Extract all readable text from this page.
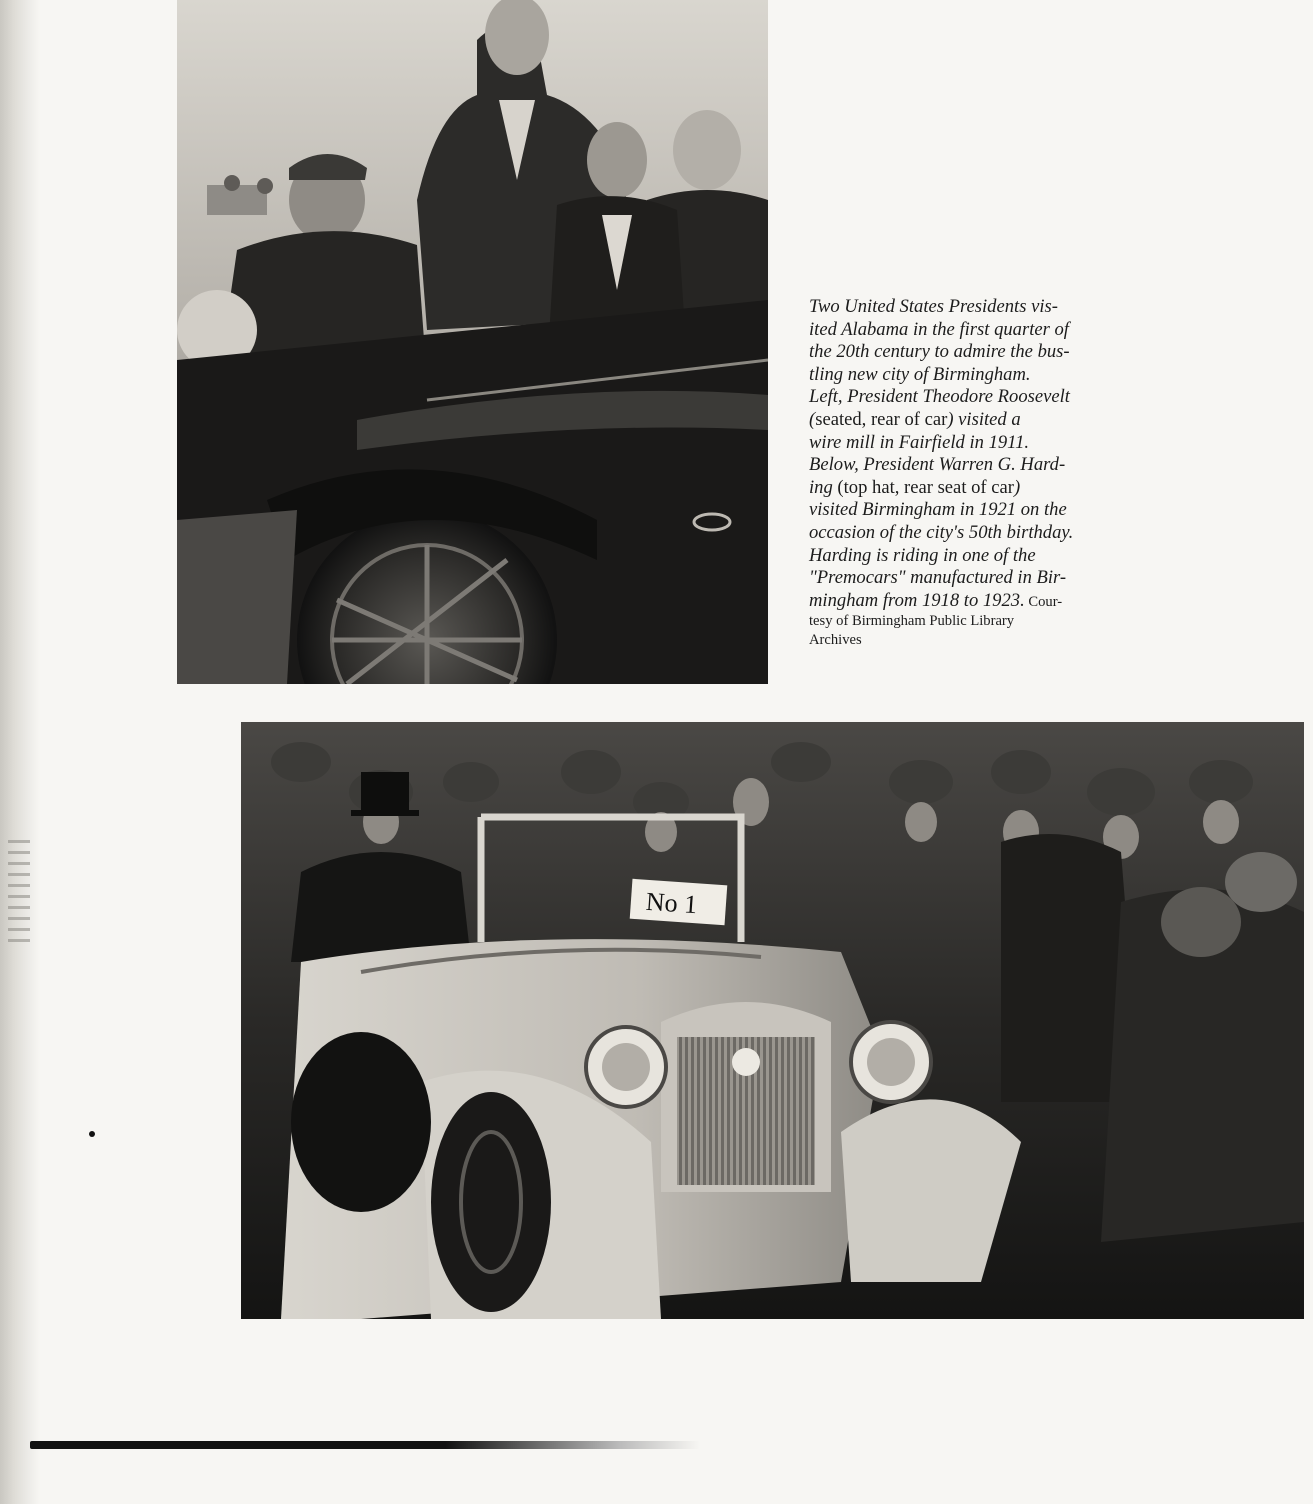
Two United States Presidents vis-
ited Alabama in the first quarter of
the 20th century to admire the bus-
tling new city of Birmingham.
Left, President Theodore Roosevelt
(seated, rear of car) visited a
wire mill in Fairfield in 1911.
Below, President Warren G. Hard-
ing (top hat, rear seat of car)
visited Birmingham in 1921 on the
occasion of the city's 50th birthday.
Harding is riding in one of the
"Premocars" manufactured in Bir-
mingham from 1918 to 1923. Cour-
tesy of Birmingham Public Library
Archives
No 1
